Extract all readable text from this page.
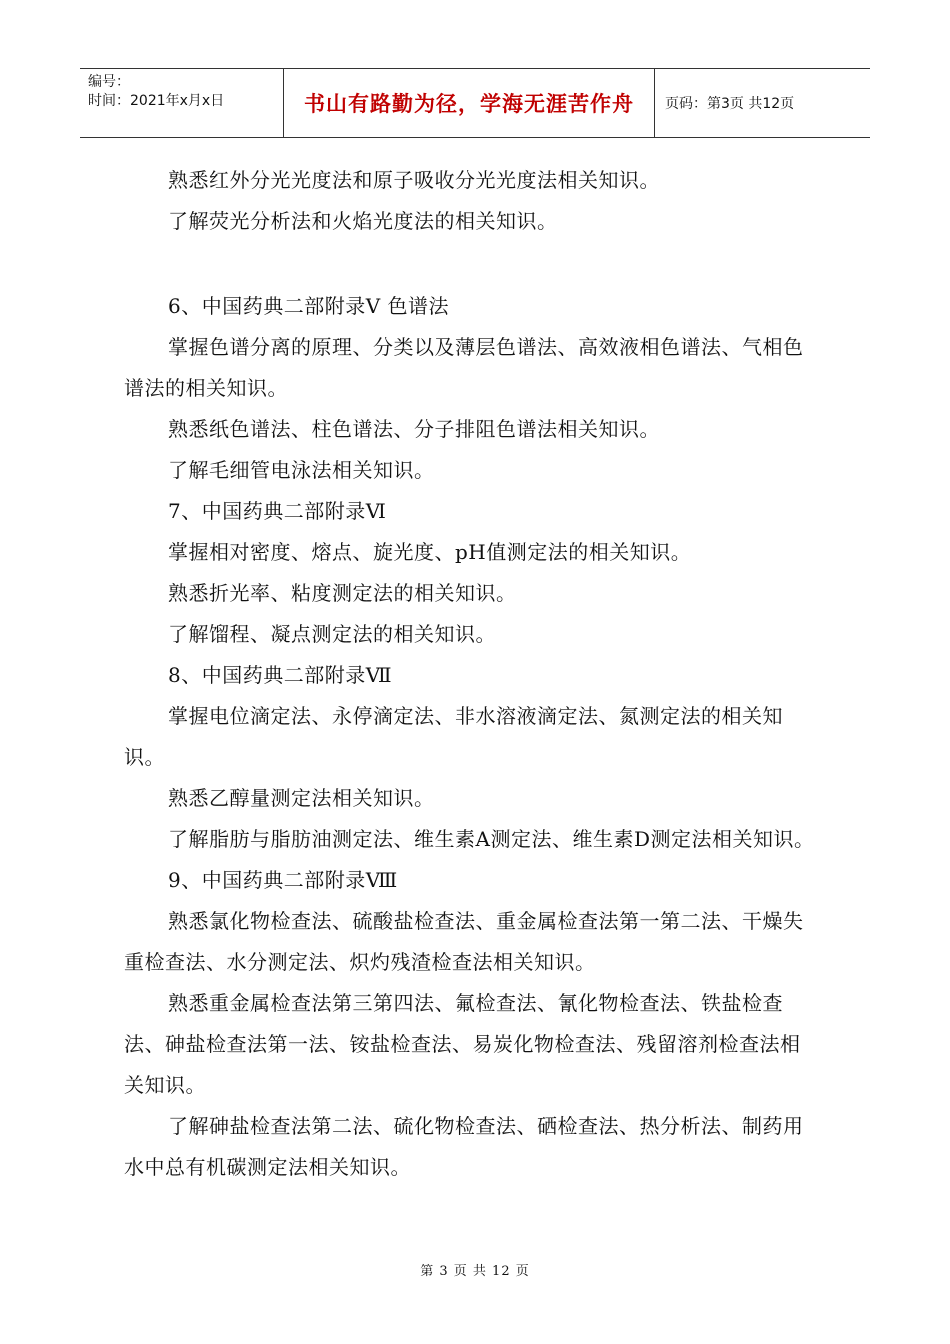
编号：
时间：2021年x月x日	书山有路勤为径，学海无涯苦作舟 页码：第3页 共12页

熟悉红外分光光度法和原子吸收分光光度法相关知识。

了解荧光分析法和火焰光度法的相关知识。

6、中国药典二部附录Ⅴ 色谱法

掌握色谱分离的原理、分类以及薄层色谱法、高效液相色谱法、气相色谱法的相关知识。

熟悉纸色谱法、柱色谱法、分子排阻色谱法相关知识。

了解毛细管电泳法相关知识。

7、中国药典二部附录Ⅵ

掌握相对密度、熔点、旋光度、pH值测定法的相关知识。

熟悉折光率、粘度测定法的相关知识。

了解馏程、凝点测定法的相关知识。

8、中国药典二部附录Ⅶ

掌握电位滴定法、永停滴定法、非水溶液滴定法、氮测定法的相关知识。

熟悉乙醇量测定法相关知识。

了解脂肪与脂肪油测定法、维生素A测定法、维生素D测定法相关知识。

9、中国药典二部附录Ⅷ

熟悉氯化物检查法、硫酸盐检查法、重金属检查法第一第二法、干燥失重检查法、水分测定法、炽灼残渣检查法相关知识。

熟悉重金属检查法第三第四法、氟检查法、氰化物检查法、铁盐检查法、砷盐检查法第一法、铵盐检查法、易炭化物检查法、残留溶剂检查法相关知识。

了解砷盐检查法第二法、硫化物检查法、硒检查法、热分析法、制药用水中总有机碳测定法相关知识。

第 3 页 共 12 页
